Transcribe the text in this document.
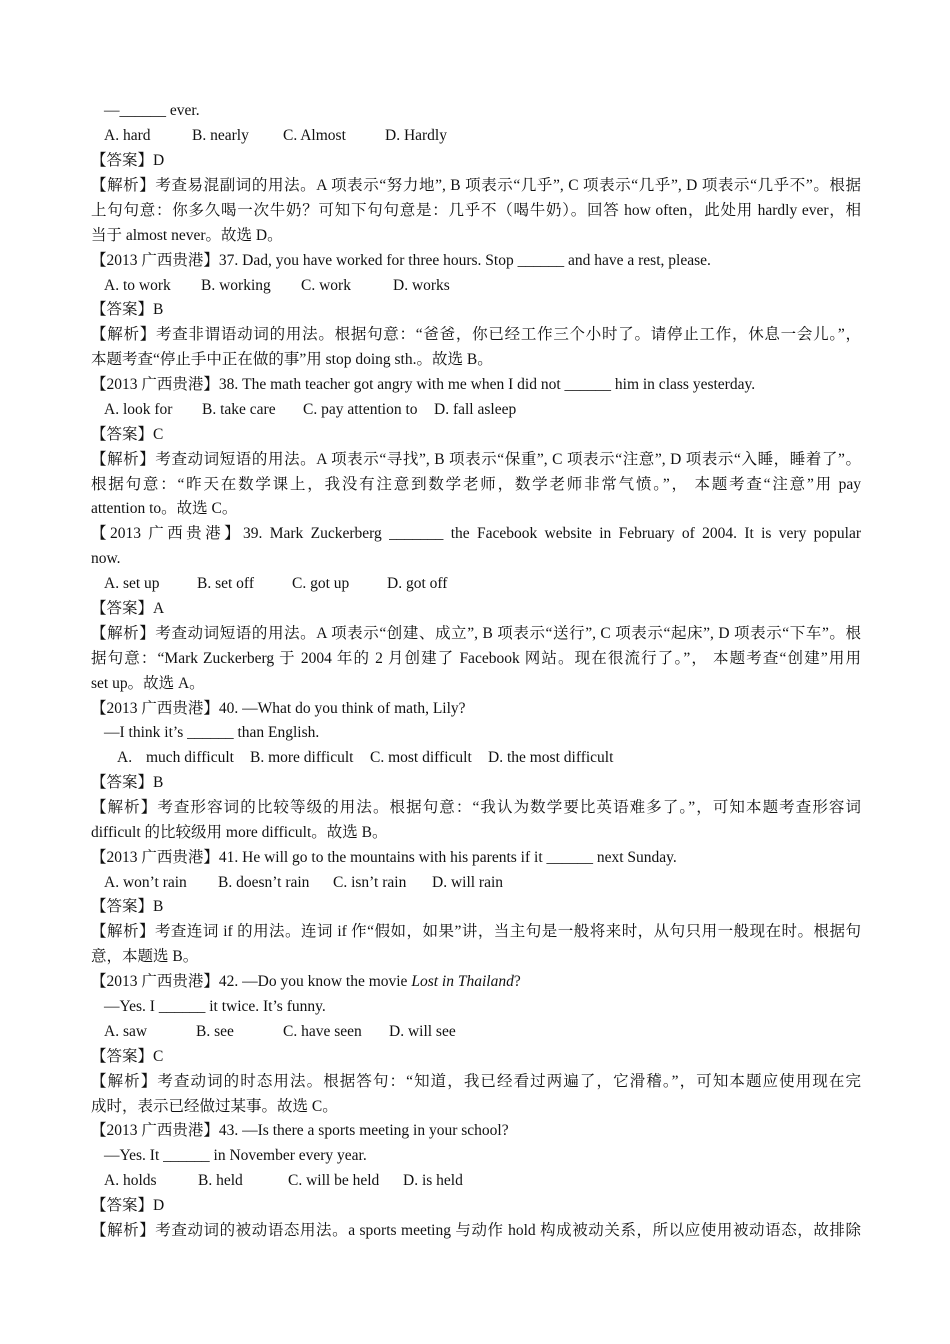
—______ ever.
A. hard	B. nearly C. Almost	D. Hardly
【答案】D
【解析】考查易混副词的用法。A 项表示“努力地”, B 项表示“几乎”, C 项表示“几乎”, D 项表示“几乎不”。根据
上句句意：你多久喝一次牛奶？可知下句句意是：几乎不（喝牛奶）。回答 how often，此处用 hardly ever，相
当于 almost never。故选 D。
【2013 广西贵港】37. Dad, you have worked for three hours. Stop ______ and have a rest, please.
A. to work B. working C. work	D. works
【答案】B
【解析】考查非谓语动词的用法。根据句意：“爸爸，你已经工作三个小时了。请停止工作，休息一会儿。”，
本题考查“停止手中正在做的事”用 stop doing sth.。故选 B。
【2013 广西贵港】38. The math teacher got angry with me when I did not ______ him in class yesterday.
A. look for B. take care C. pay attention to D. fall asleep
【答案】C
【解析】考查动词短语的用法。A 项表示“寻找”, B 项表示“保重”, C 项表示“注意”, D 项表示“入睡，睡着了”。
根据句意：“昨天在数学课上，我没有注意到数学老师，数学老师非常气愤。”， 本题考查“注意”用 pay
attention to。故选 C。
【2013 广西贵港】39. Mark Zuckerberg _______ the Facebook website in February of 2004. It is very popular
now.
A. set up B. set off C. got up D. got off
【答案】A
【解析】考查动词短语的用法。A 项表示“创建、成立”, B 项表示“送行”, C 项表示“起床”, D 项表示“下车”。根
据句意：“Mark Zuckerberg 于 2004 年的 2 月创建了 Facebook 网站。现在很流行了。”， 本题考查“创建”用用
set up。故选 A。
【2013 广西贵港】40. —What do you think of math, Lily?
—I think it’s ______ than English.
A. much difficult B. more difficult C. most difficult D. the most difficult
【答案】B
【解析】考查形容词的比较等级的用法。根据句意：“我认为数学要比英语难多了。”，可知本题考查形容词
difficult 的比较级用 more difficult。故选 B。
【2013 广西贵港】41. He will go to the mountains with his parents if it ______ next Sunday.
A. won’t rain B. doesn’t rain C. isn’t rain D. will rain
【答案】B
【解析】考查连词 if 的用法。连词 if 作“假如，如果”讲，当主句是一般将来时，从句只用一般现在时。根据句
意，本题选 B。
【2013 广西贵港】42. —Do you know the movie Lost in Thailand?
—Yes. I ______ it twice. It’s funny.
A. saw	B. see	C. have seen D. will see
【答案】C
【解析】考查动词的时态用法。根据答句：“知道，我已经看过两遍了，它滑稽。”，可知本题应使用现在完
成时，表示已经做过某事。故选 C。
【2013 广西贵港】43. —Is there a sports meeting in your school?
—Yes. It ______ in November every year.
A. holds	B. held	C. will be held D. is held
【答案】D
【解析】考查动词的被动语态用法。a sports meeting 与动作 hold 构成被动关系，所以应使用被动语态，故排除
